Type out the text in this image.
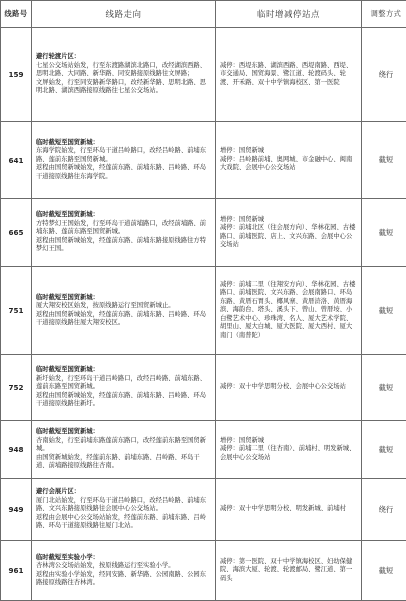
线路号	线路走向	临时增减停站点	调整方式
159	避行轮渡片区：
七星公交场站始发，行至东渡路湖滨北路口，改经湖滨西路、思明北路、大同路、新华路、同安路接原线路往文屏路；
文屏始发，行至同安路新华路口，改经新华路、思明北路、思明北路、湖滨西路接原线路往七星公交场站。	减停：西堤东路、湖滨西路、西堤南路、西堤、市交通局、国贸海景、鹭江道、轮渡码头、轮渡、开禾路、双十中学镇海校区、第一医院	绕行
641	临时截短至国贸新城：
东海学院始发，行至环岛干道吕岭路口，改经吕岭路、前埔东路、莲前东路至国贸新城。
返程由国贸新城始发，经莲前东路、前埔东路、吕岭路、环岛干道接原线路往东海学院。	增停：国贸新城
减停：吕岭路前埔、奥网城、市金融中心、闽南大戏院、会展中心公交场站	截短
665	临时截短至国贸新城：
方特梦幻王国始发，行至环岛干道前埔路口，改经前埔路、前埔东路、莲前东路至国贸新城。
返程由国贸新城始发，经莲前东路、前埔东路接原线路往方特梦幻王国。	增停：国贸新城
减停：前埔北区（往会展方向）、华林花园、古楼路口、前埔医院、店上、文兴东路、会展中心公交场站	截短
751	临时截短至国贸新城：
厦大翔安校区始发，按原线路运行至国贸新城止。
返程由国贸新城始发，经莲前东路、前埔东路、吕岭路、环岛干道接原线路往厦大翔安校区。	减停：前埔二里（往翔安方向）、华林花园、古楼路口、前埔医院、文兴东路、会展南路口、环岛东路、黄厝石胃头、椰风寨、黄厝浒洛、黄厝海滨、海韵台、塔头、溪头下、曾山、曾厝垵、小白鹭艺术中心、珍珠湾、名人、厦大艺术学院、胡里山、厦大白城、厦大医院、厦大西村、厦大南门（南普陀）	截短
752	临时截短至国贸新城：
新圩始发，行至环岛干道吕岭路口，改经吕岭路、前埔东路、莲前东路至国贸新城。
返程由国贸新城始发，经莲前东路、前埔东路、吕岭路、环岛干道接原线路往新圩。	减停：双十中学思明分校、会展中心公交场站	截短
948	临时截短至国贸新城：
杏南始发，行至前埔东路莲前东路口，改经莲前东路至国贸新城。
由国贸新城始发，经莲前东路、前埔东路、吕岭路、环岛干道、前埔路接原线路往杏南。	增停：国贸新城
减停：前埔二里（往杏南）、前埔村、明发新城、会展中心公交场站	截短
949	避行会展片区：
厦门北站始发，行至环岛干道吕岭路口，改经吕岭路、前埔东路、文兴东路接原线路往会展中心公交场站。
返程由会展中心公交场站始发，经莲前东路、前埔东路、吕岭路、环岛干道接原线路往厦门北站。	减停：双十中学思明分校、明发新城、前埔村	绕行
961	临时截短至实验小学：
杏林湾公交场站始发，按原线路运行至实验小学。
返程由实验小学始发，经同安路、新华路、公园南路、公园东路接原线路往杏林湾。	减停：第一医院、双十中学镇海校区、妇幼保健院、海滨大厦、轮渡、轮渡邮局、鹭江道、第一码头	截短
